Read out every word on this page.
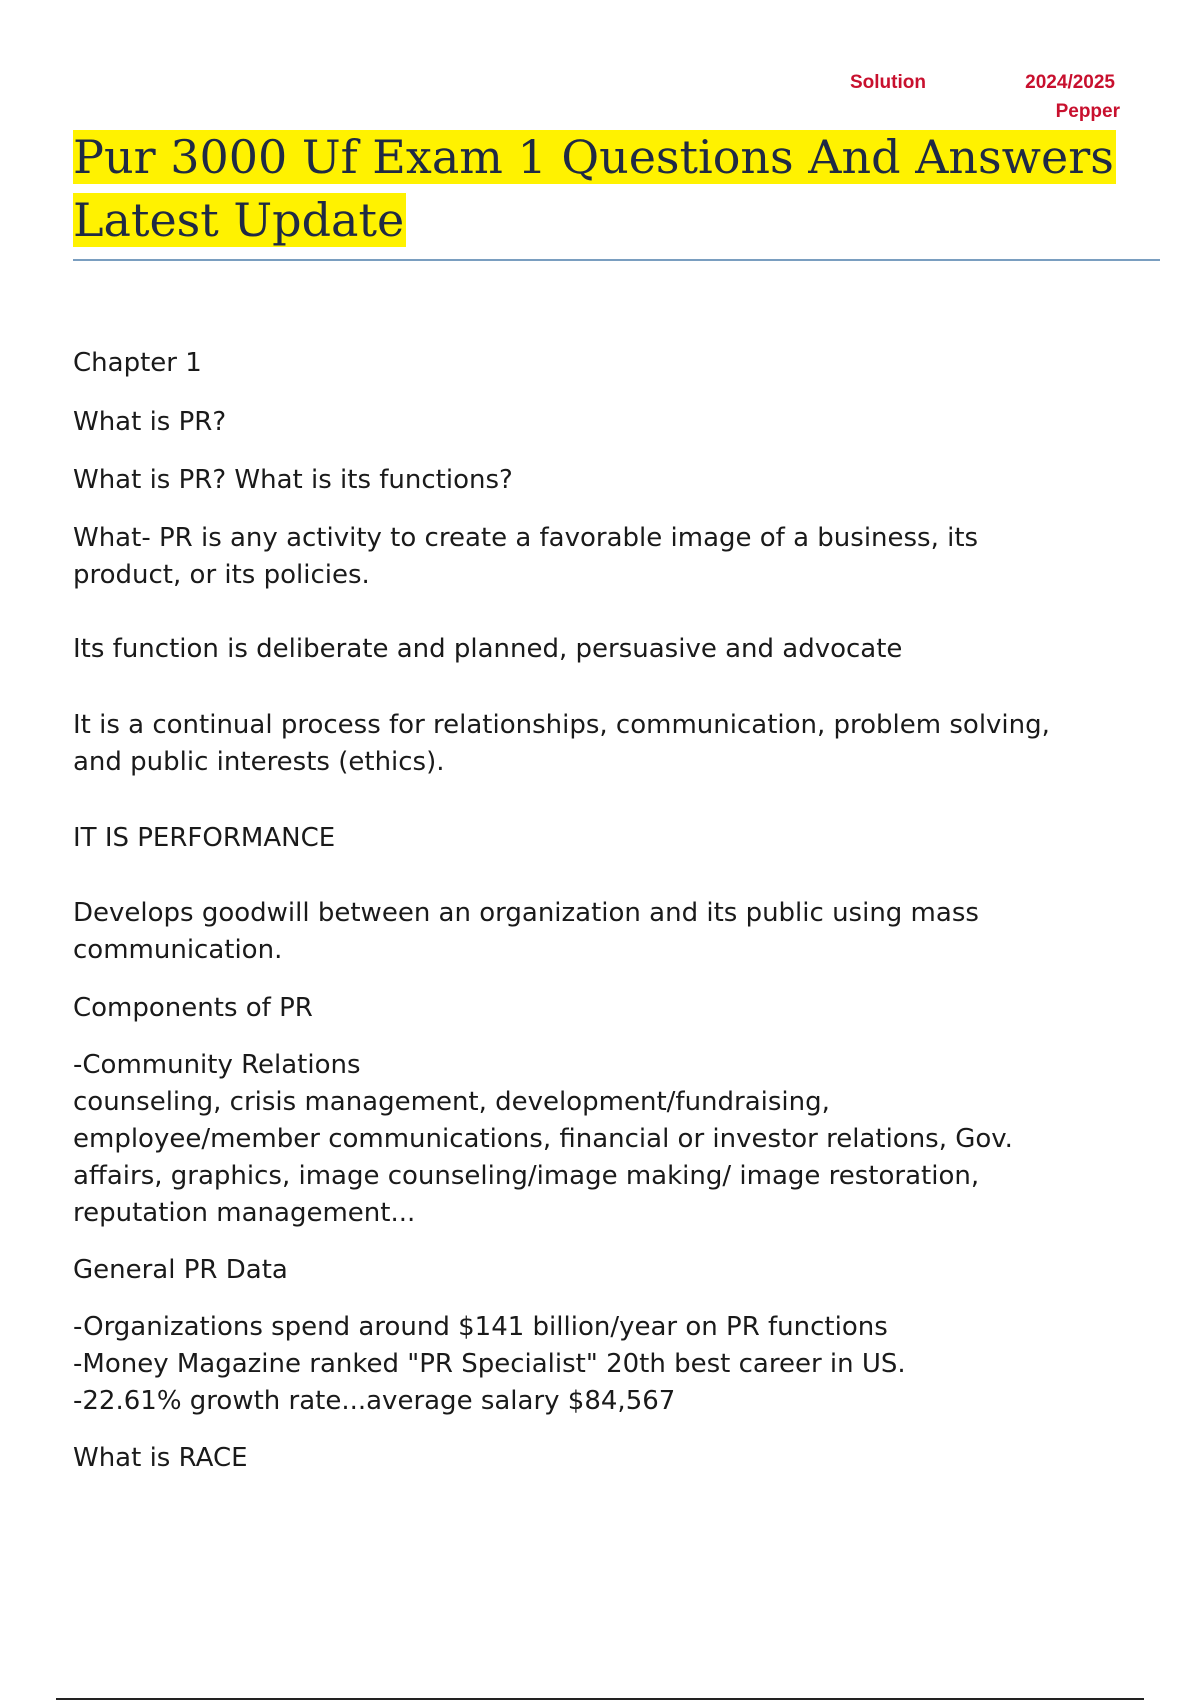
Solution	2024/2025
Pepper
Pur 3000 Uf Exam 1 Questions And Answers Latest Update

Chapter 1

What is PR?

What is PR? What is its functions?

What- PR is any activity to create a favorable image of a business, its

product, or its policies.

Its function is deliberate and planned, persuasive and advocate

It is a continual process for relationships, communication, problem solving,

and public interests (ethics).

IT IS PERFORMANCE

Develops goodwill between an organization and its public using mass

communication.

Components of PR

-Community Relations

counseling, crisis management, development/fundraising,

employee/member communications, financial or investor relations, Gov.

affairs, graphics, image counseling/image making/ image restoration,

reputation management...

General PR Data

-Organizations spend around $141 billion/year on PR functions

-Money Magazine ranked "PR Specialist" 20th best career in US.

-22.61% growth rate...average salary $84,567

What is RACE
